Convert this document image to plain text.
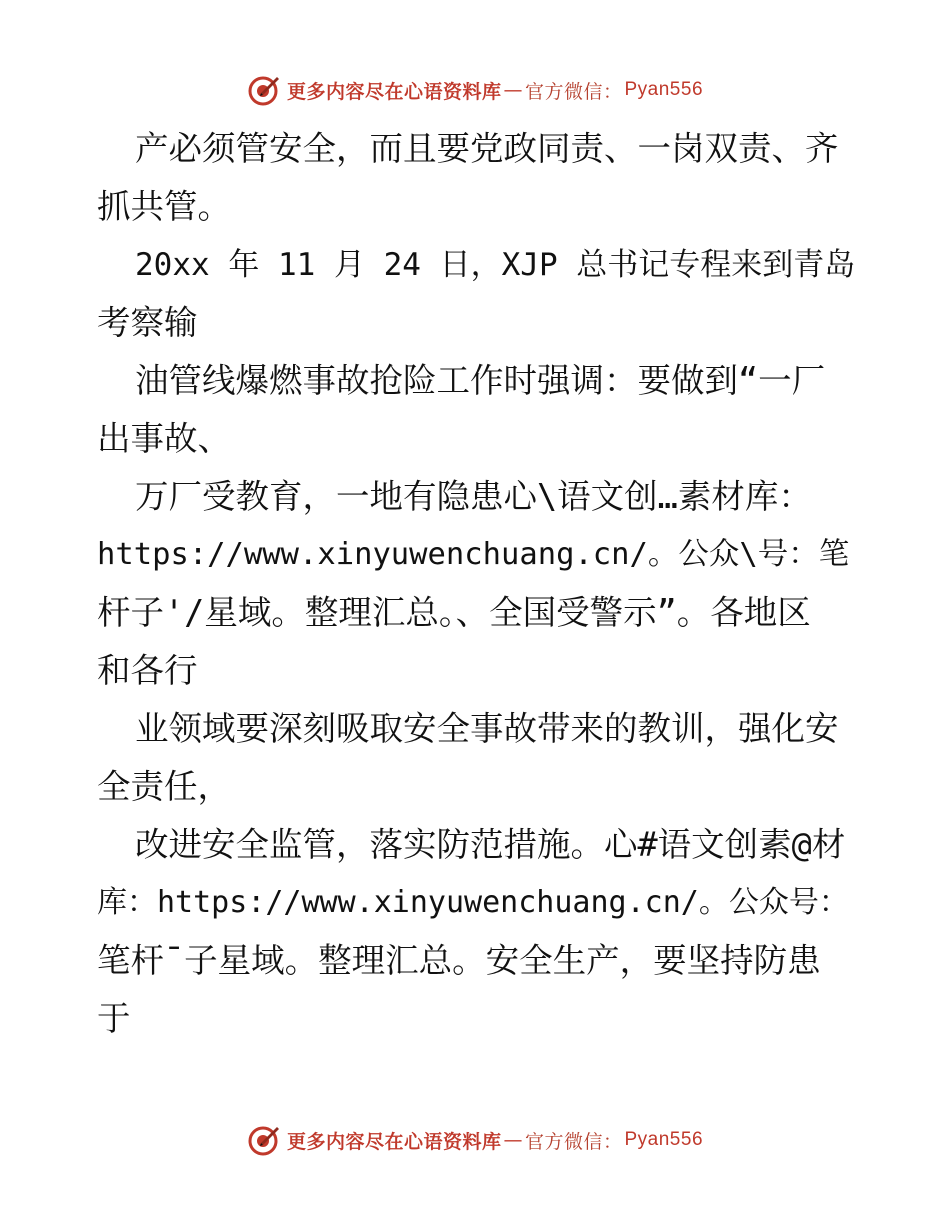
更多内容尽在心语资料库 — 官方微信： Pyan556
产必须管安全，而且要党政同责、一岗双责、齐
抓共管。
20xx 年 11 月 24 日，XJP 总书记专程来到青岛
考察输
油管线爆燃事故抢险工作时强调：要做到“一厂
出事故、
万厂受教育，一地有隐患心\语文创…素材库：
https://www.xinyuwenchuang.cn/。公众\号：笔
杆子'/星域。整理汇总。、全国受警示”。各地区
和各行
业领域要深刻吸取安全事故带来的教训，强化安
全责任，
改进安全监管，落实防范措施。心#语文创素@材
库：https://www.xinyuwenchuang.cn/。公众号：
笔杆¯子星域。整理汇总。安全生产，要坚持防患
于
更多内容尽在心语资料库 — 官方微信： Pyan556
